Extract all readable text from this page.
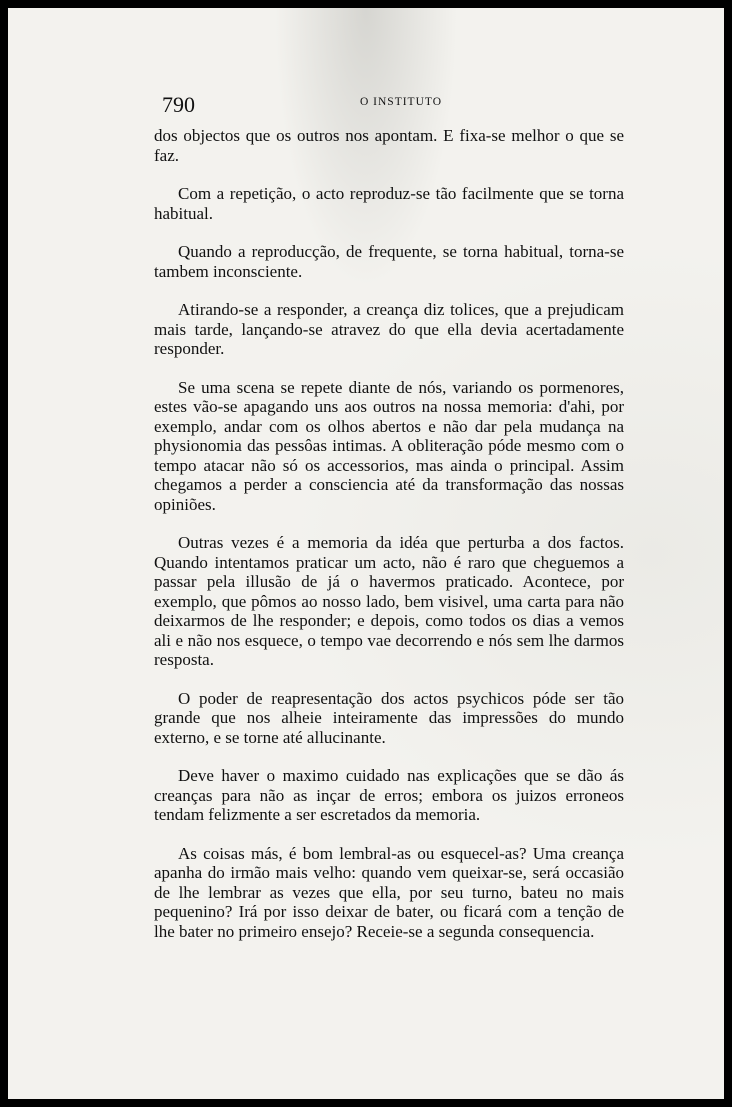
790	O INSTITUTO

dos objectos que os outros nos apontam. E fixa-se melhor o que se faz.

Com a repetição, o acto reproduz-se tão facilmente que se torna habitual.

Quando a reproducção, de frequente, se torna habitual, torna-se tambem inconsciente.

Atirando-se a responder, a creança diz tolices, que a prejudicam mais tarde, lançando-se atravez do que ella devia acertadamente responder.

Se uma scena se repete diante de nós, variando os pormenores, estes vão-se apagando uns aos outros na nossa memoria: d'ahi, por exemplo, andar com os olhos abertos e não dar pela mudança na physionomia das pessôas intimas. A obliteração póde mesmo com o tempo atacar não só os accessorios, mas ainda o principal. Assim chegamos a perder a consciencia até da transformação das nossas opiniões.

Outras vezes é a memoria da idéa que perturba a dos factos. Quando intentamos praticar um acto, não é raro que cheguemos a passar pela illusão de já o havermos praticado. Acontece, por exemplo, que pômos ao nosso lado, bem visivel, uma carta para não deixarmos de lhe responder; e depois, como todos os dias a vemos ali e não nos esquece, o tempo vae decorrendo e nós sem lhe darmos resposta.

O poder de reapresentação dos actos psychicos póde ser tão grande que nos alheie inteiramente das impressões do mundo externo, e se torne até allucinante.

Deve haver o maximo cuidado nas explicações que se dão ás creanças para não as inçar de erros; embora os juizos erroneos tendam felizmente a ser escretados da memoria.

As coisas más, é bom lembral-as ou esquecel-as? Uma creança apanha do irmão mais velho: quando vem queixar-se, será occasião de lhe lembrar as vezes que ella, por seu turno, bateu no mais pequenino? Irá por isso deixar de bater, ou ficará com a tenção de lhe bater no primeiro ensejo? Receie-se a segunda consequencia.
